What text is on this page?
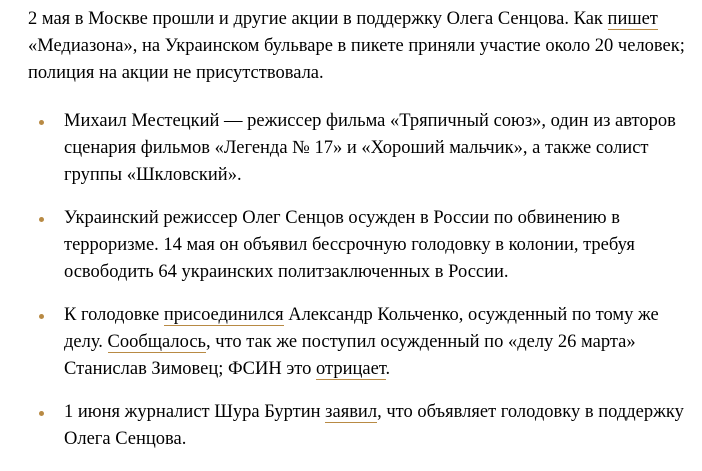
2 мая в Москве прошли и другие акции в поддержку Олега Сенцова. Как пишет «Медиазона», на Украинском бульваре в пикете приняли участие около 20 человек; полиция на акции не присутствовала.

Михаил Местецкий — режиссер фильма «Тряпичный союз», один из авторов сценария фильмов «Легенда № 17» и «Хороший мальчик», а также солист группы «Шкловский».
Украинский режиссер Олег Сенцов осужден в России по обвинению в терроризме. 14 мая он объявил бессрочную голодовку в колонии, требуя освободить 64 украинских политзаключенных в России.
К голодовке присоединился Александр Кольченко, осужденный по тому же делу. Сообщалось, что так же поступил осужденный по «делу 26 марта» Станислав Зимовец; ФСИН это отрицает.
1 июня журналист Шура Буртин заявил, что объявляет голодовку в поддержку Олега Сенцова.
